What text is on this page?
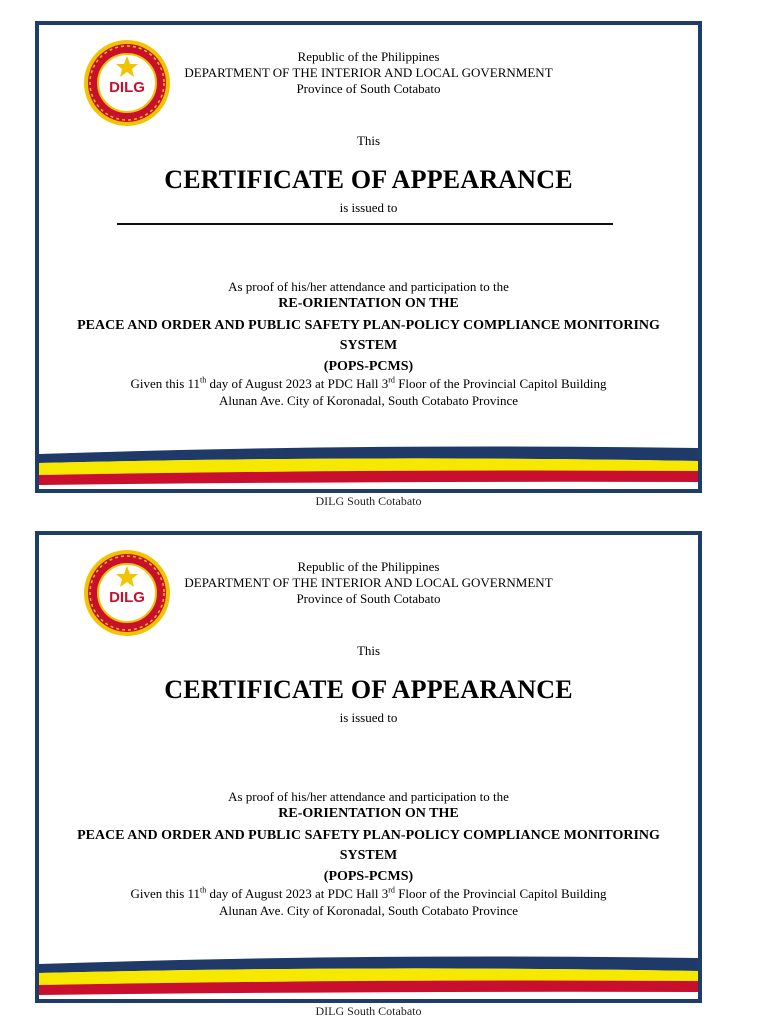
DILG
Republic of the Philippines
DEPARTMENT OF THE INTERIOR AND LOCAL GOVERNMENT
Province of South Cotabato
This
CERTIFICATE OF APPEARANCE
is issued to
As proof of his/her attendance and participation to the
RE-ORIENTATION ON THE
PEACE AND ORDER AND PUBLIC SAFETY PLAN-POLICY COMPLIANCE MONITORING
SYSTEM
(POPS-PCMS)
Given this 11th day of August 2023 at PDC Hall 3rd Floor of the Provincial Capitol Building
Alunan Ave. City of Koronadal, South Cotabato Province
DILG South Cotabato
DILG
Republic of the Philippines
DEPARTMENT OF THE INTERIOR AND LOCAL GOVERNMENT
Province of South Cotabato
This
CERTIFICATE OF APPEARANCE
is issued to
As proof of his/her attendance and participation to the
RE-ORIENTATION ON THE
PEACE AND ORDER AND PUBLIC SAFETY PLAN-POLICY COMPLIANCE MONITORING
SYSTEM
(POPS-PCMS)
Given this 11th day of August 2023 at PDC Hall 3rd Floor of the Provincial Capitol Building
Alunan Ave. City of Koronadal, South Cotabato Province
DILG South Cotabato
